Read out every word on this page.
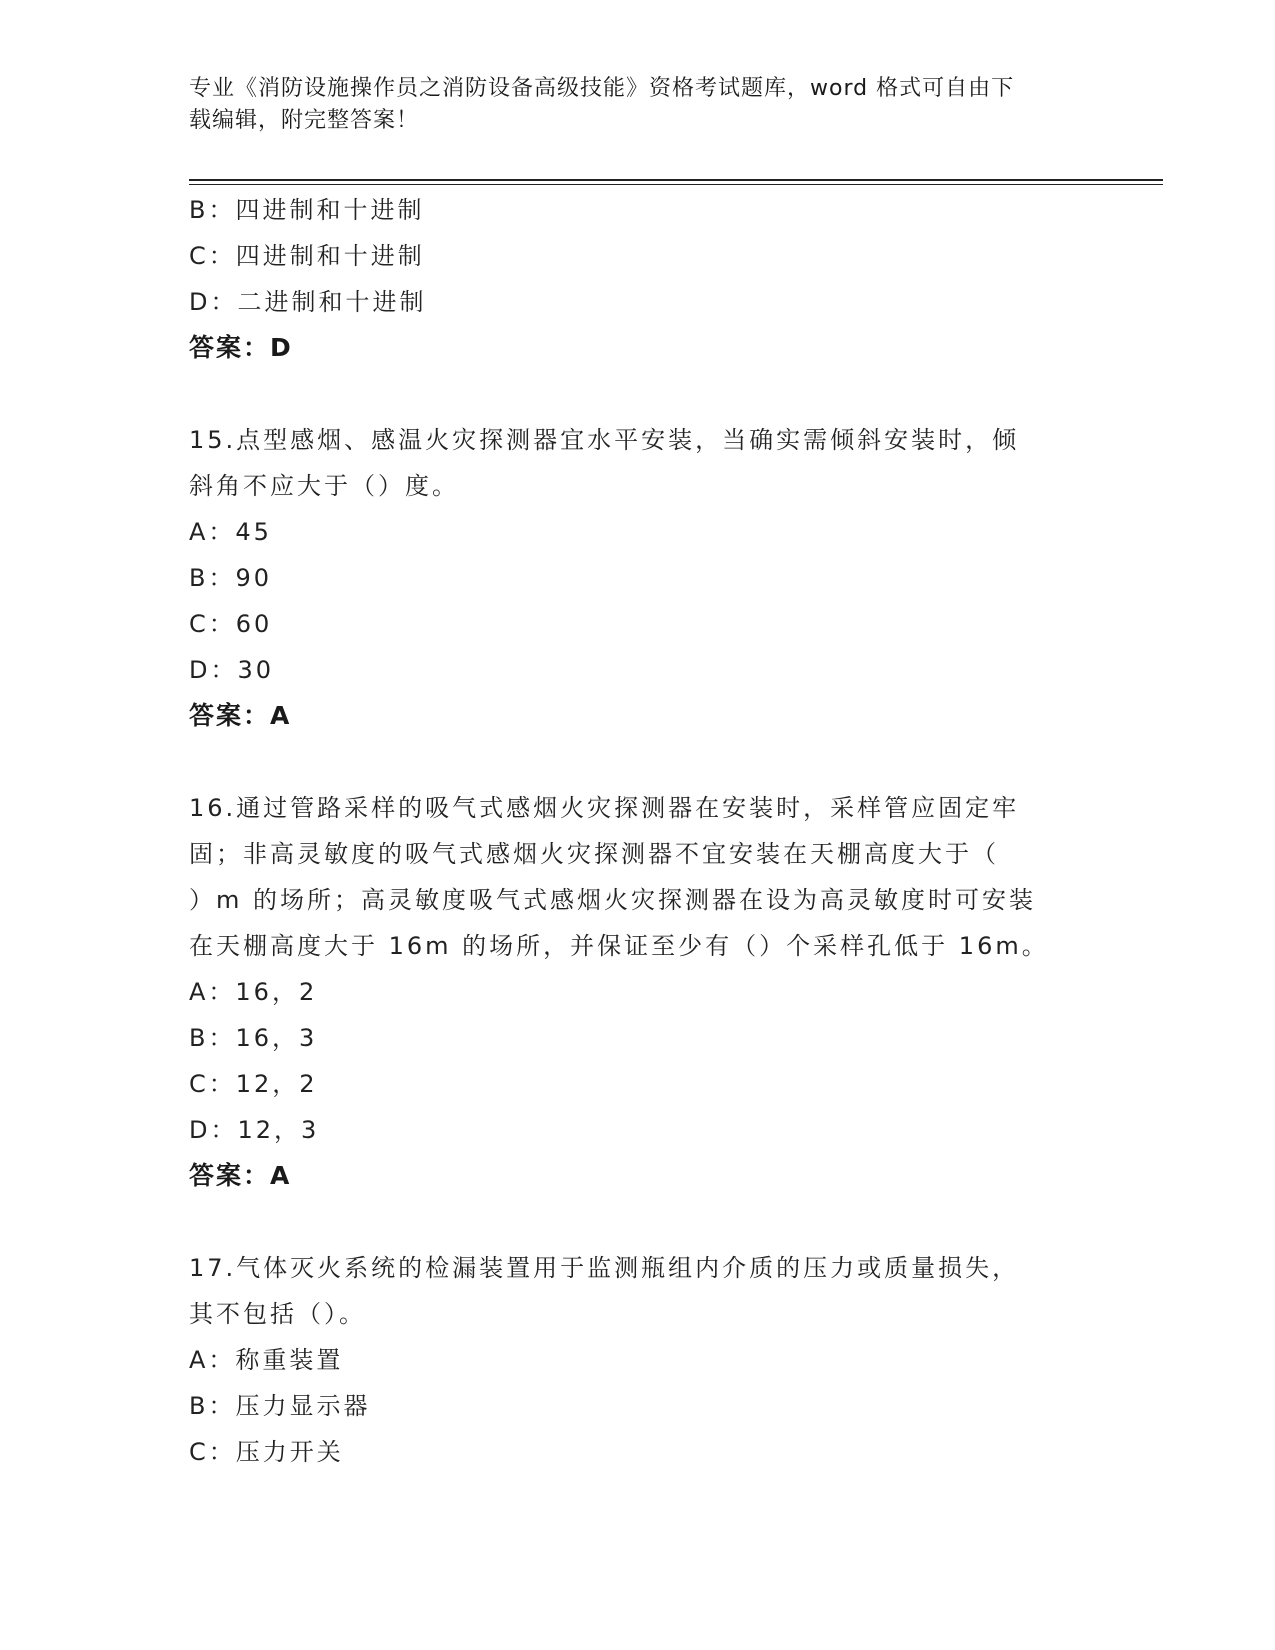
专业《消防设施操作员之消防设备高级技能》资格考试题库，word 格式可自由下
载编辑，附完整答案！
B：四进制和十进制
C：四进制和十进制
D：二进制和十进制
答案：D
15.点型感烟、感温火灾探测器宜水平安装，当确实需倾斜安装时，倾
斜角不应大于（）度。
A：45
B：90
C：60
D：30
答案：A
16.通过管路采样的吸气式感烟火灾探测器在安装时，采样管应固定牢
固；非高灵敏度的吸气式感烟火灾探测器不宜安装在天棚高度大于（
）m 的场所；高灵敏度吸气式感烟火灾探测器在设为高灵敏度时可安装
在天棚高度大于 16m 的场所，并保证至少有（）个采样孔低于 16m。
A：16，2
B：16，3
C：12，2
D：12，3
答案：A
17.气体灭火系统的检漏装置用于监测瓶组内介质的压力或质量损失，
其不包括（）。
A：称重装置
B：压力显示器
C：压力开关
